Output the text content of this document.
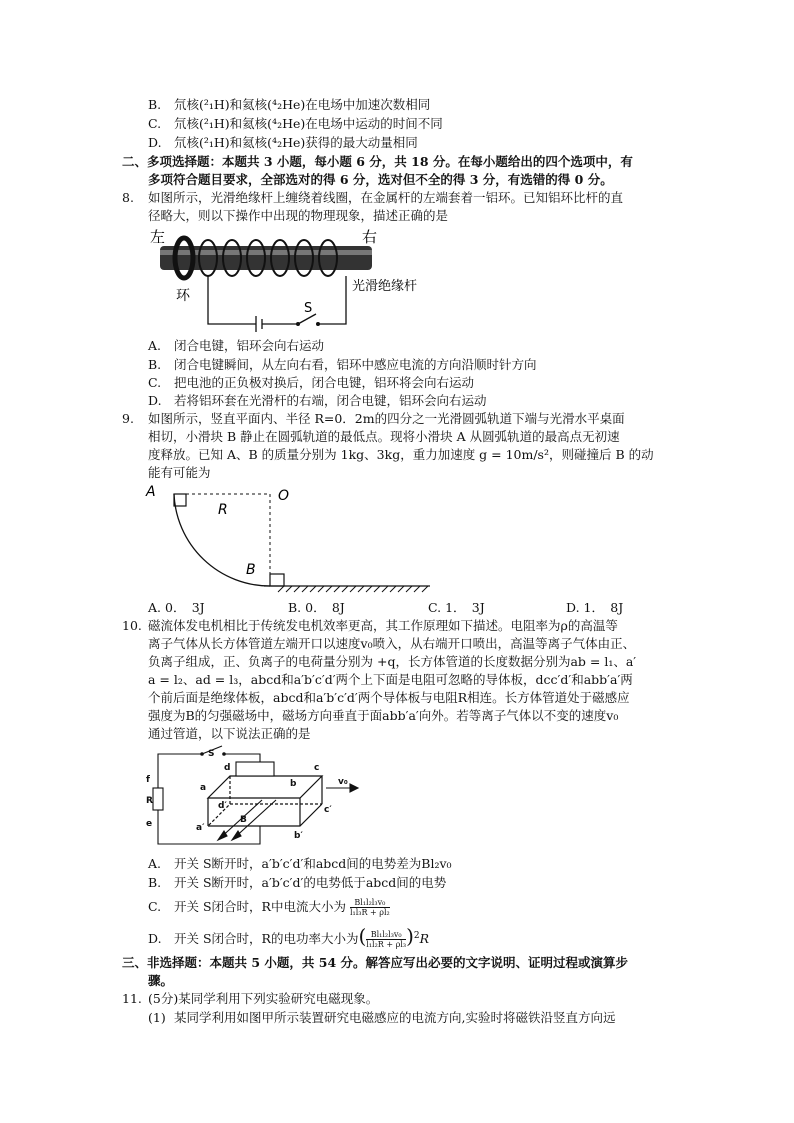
B. 氘核(²₁H)和氦核(⁴₂He)在电场中加速次数相同
C. 氘核(²₁H)和氦核(⁴₂He)在电场中运动的时间不同
D. 氘核(²₁H)和氦核(⁴₂He)获得的最大动量相同
二、多项选择题：本题共 3 小题，每小题 6 分，共 18 分。在每小题给出的四个选项中，有
多项符合题目要求，全部选对的得 6 分，选对但不全的得 3 分，有选错的得 0 分。
8. 如图所示，光滑绝缘杆上缠绕着线圈，在金属杆的左端套着一铝环。已知铝环比杆的直
径略大，则以下操作中出现的物理现象，描述正确的是
左	右
环
光滑绝缘杆
S
A. 闭合电键，铝环会向右运动
B. 闭合电键瞬间，从左向右看，铝环中感应电流的方向沿顺时针方向
C. 把电池的正负极对换后，闭合电键，铝环将会向右运动
D. 若将铝环套在光滑杆的右端，闭合电键，铝环会向右运动
9. 如图所示，竖直平面内、半径 R=0．2m的四分之一光滑圆弧轨道下端与光滑水平桌面
相切，小滑块 B 静止在圆弧轨道的最低点。现将小滑块 A 从圆弧轨道的最高点无初速
度释放。已知 A、B 的质量分别为 1kg、3kg，重力加速度 g = 10m/s²，则碰撞后 B 的动
能有可能为
A	O
R
B
A. 0．　3J	B. 0．　8J	C. 1．　3J	D. 1．　8J
10. 磁流体发电机相比于传统发电机效率更高，其工作原理如下描述。电阻率为ρ的高温等
离子气体从长方体管道左端开口以速度v₀喷入，从右端开口喷出，高温等离子气体由正、
负离子组成，正、负离子的电荷量分别为 +q，长方体管道的长度数据分别为ab = l₁、a′
a = l₂、ad = l₃，abcd和a′b′c′d′两个上下面是电阻可忽略的导体板，dcc′d′和abb′a′两
个前后面是绝缘体板，abcd和a′b′c′d′两个导体板与电阻R相连。长方体管道处于磁感应
强度为B的匀强磁场中，磁场方向垂直于面abb′a′向外。若等离子气体以不变的速度v₀
通过管道，以下说法正确的是
S
d	c
a	b	v₀
f
R
e
d′	c′
a′
b′
B
A. 开关 S断开时，a′b′c′d′和abcd间的电势差为Bl₂v₀
B. 开关 S断开时，a′b′c′d′的电势低于abcd间的电势
C. 开关 S闭合时，R中电流大小为 $\frac{\text{Bl₁l₂l₃v₀}}{\text{l₁l₃R + ρl₂}}$
D. 开关 S闭合时，R的电功率大小为( $\frac{\text{Bl₁l₂l₃v₀}}{\text{l₁l₂R + ρl₃}} )^2R$
三、非选择题：本题共 5 小题，共 54 分。解答应写出必要的文字说明、证明过程或演算步
骤。
11. (5分)某同学利用下列实验研究电磁现象。
(1) 某同学利用如图甲所示装置研究电磁感应的电流方向,实验时将磁铁沿竖直方向远
